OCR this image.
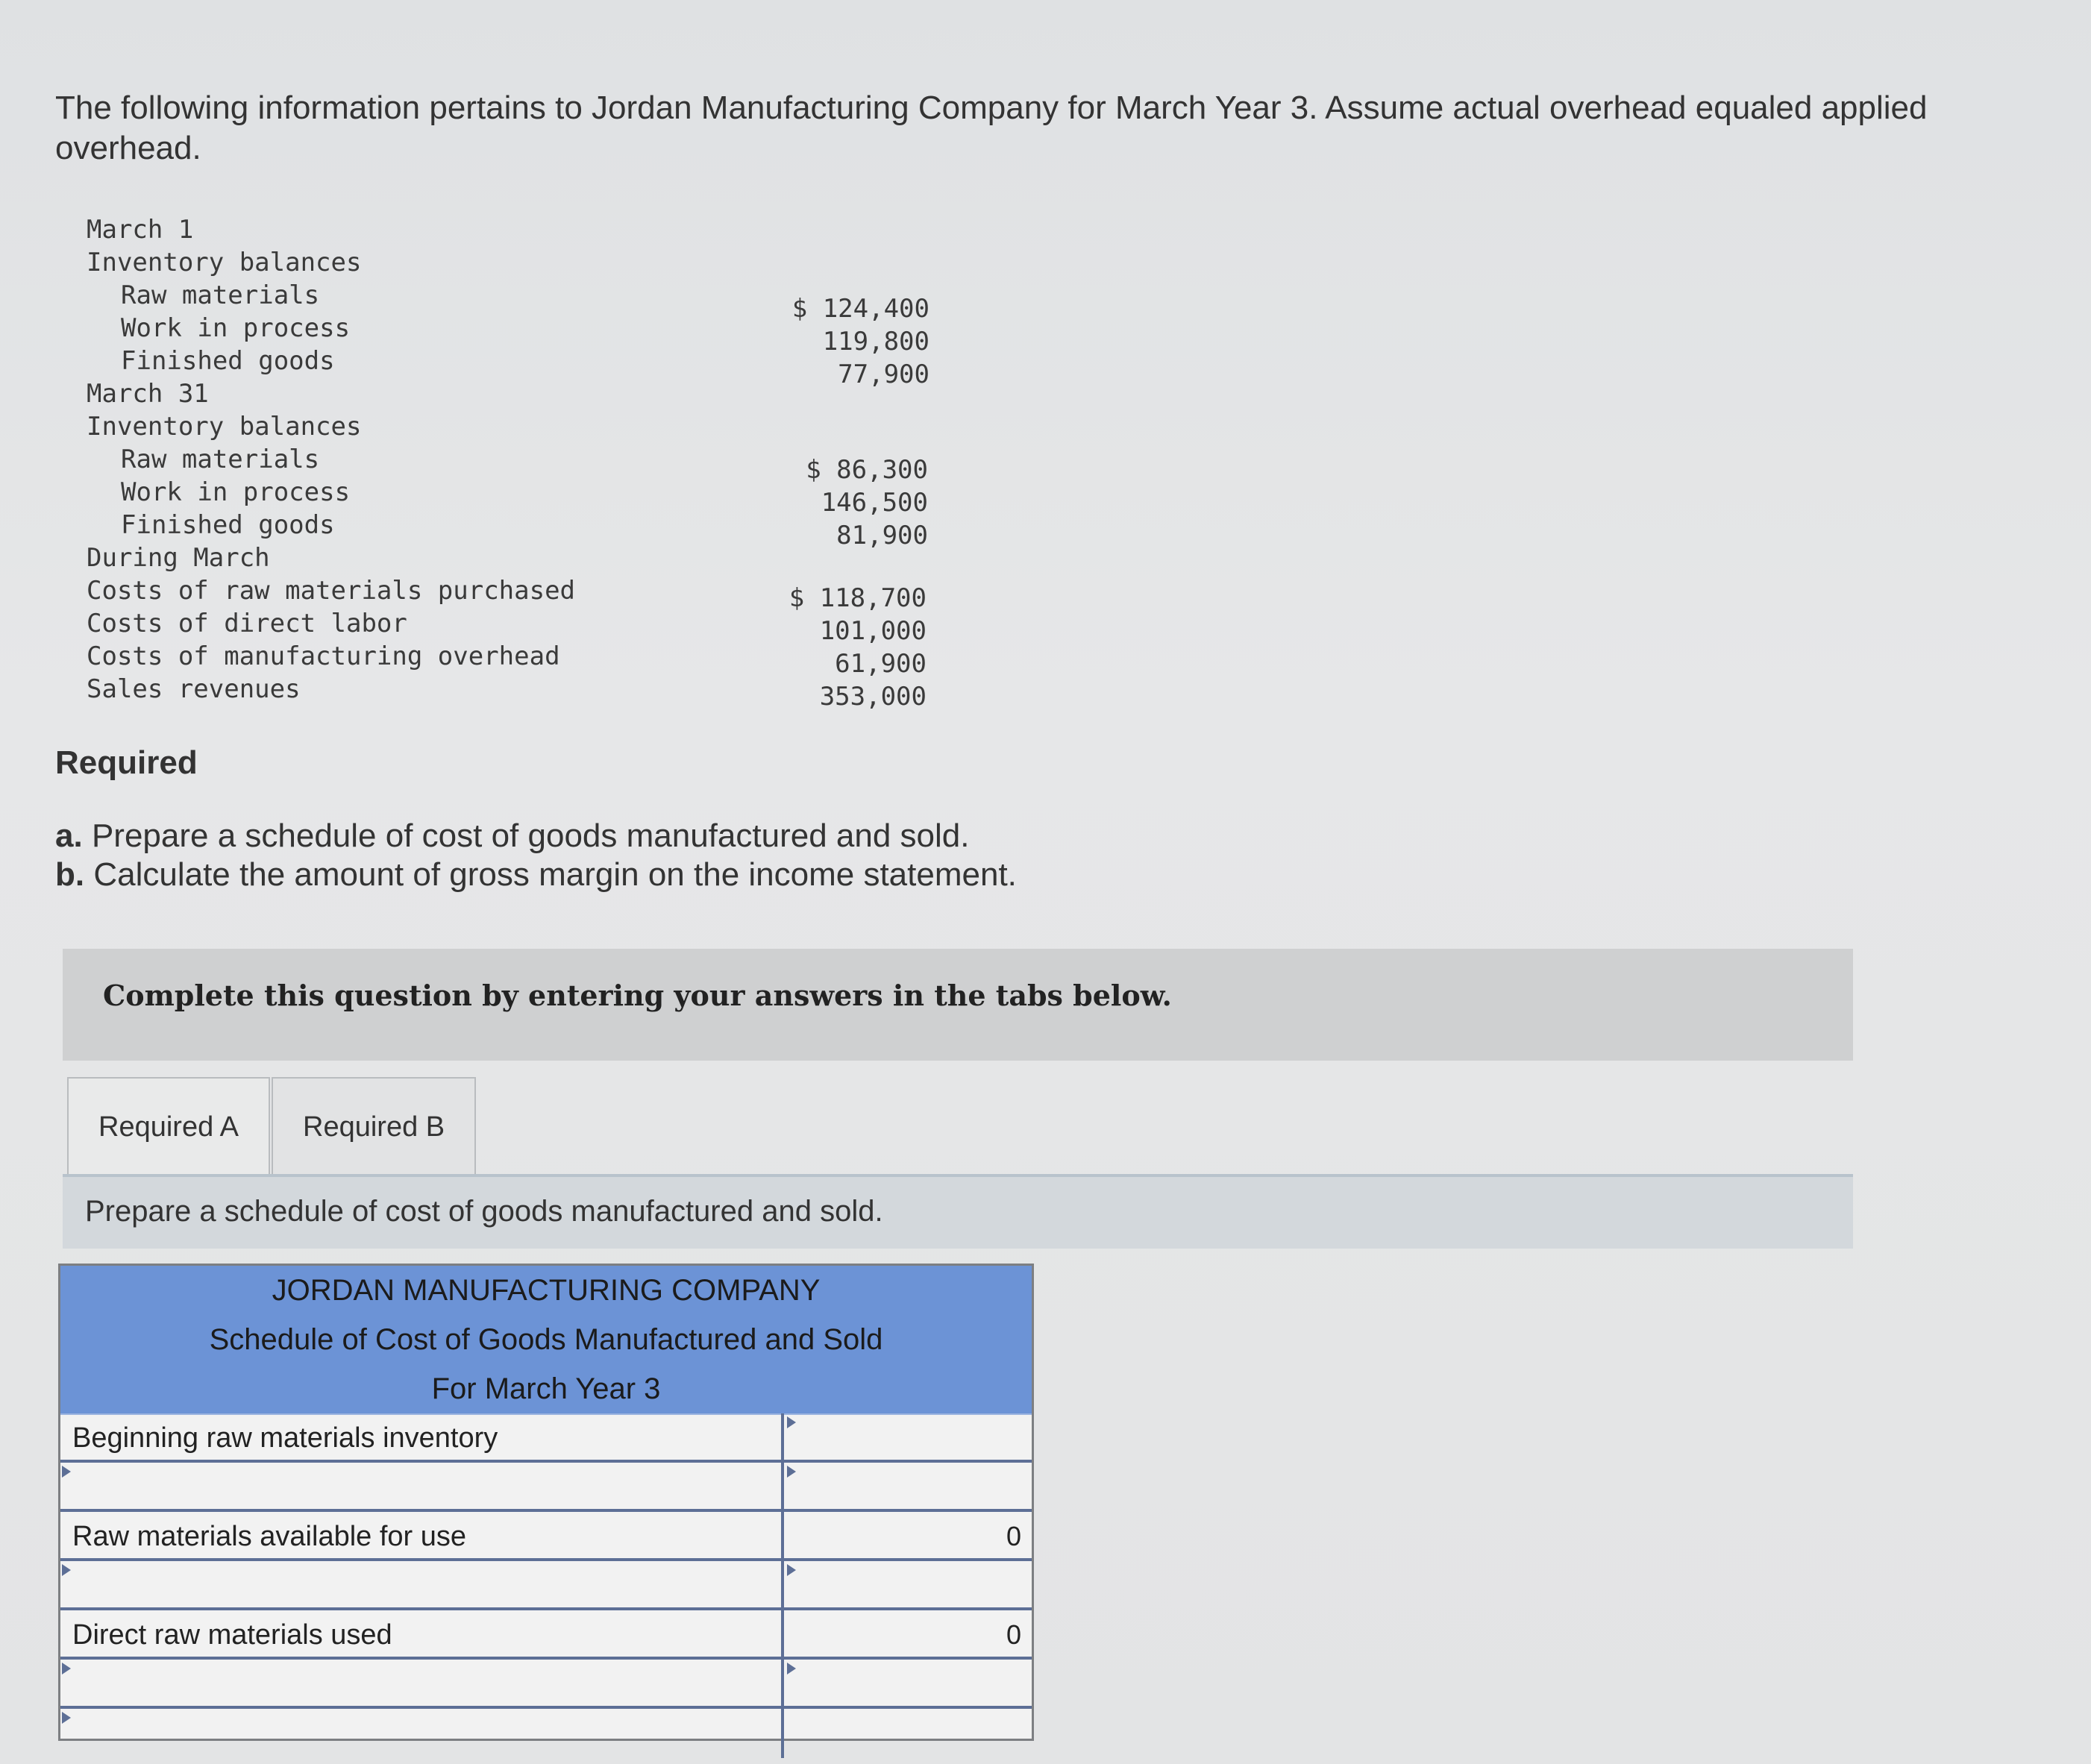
The following information pertains to Jordan Manufacturing Company for March Year 3. Assume actual overhead equaled applied overhead.
March 1
Inventory balances
Raw materials
Work in process
Finished goods
March 31
Inventory balances
Raw materials
Work in process
Finished goods
During March
Costs of raw materials purchased
Costs of direct labor
Costs of manufacturing overhead
Sales revenues
$ 124,400
119,800
77,900
$ 86,300
146,500
81,900
$ 118,700
101,000
61,900
353,000
Required
a. Prepare a schedule of cost of goods manufactured and sold.
b. Calculate the amount of gross margin on the income statement.
Complete this question by entering your answers in the tabs below.
Required A Required B
Prepare a schedule of cost of goods manufactured and sold.
JORDAN MANUFACTURING COMPANY
Schedule of Cost of Goods Manufactured and Sold
For March Year 3
Beginning raw materials inventory
Raw materials available for use	0
Direct raw materials used	0
